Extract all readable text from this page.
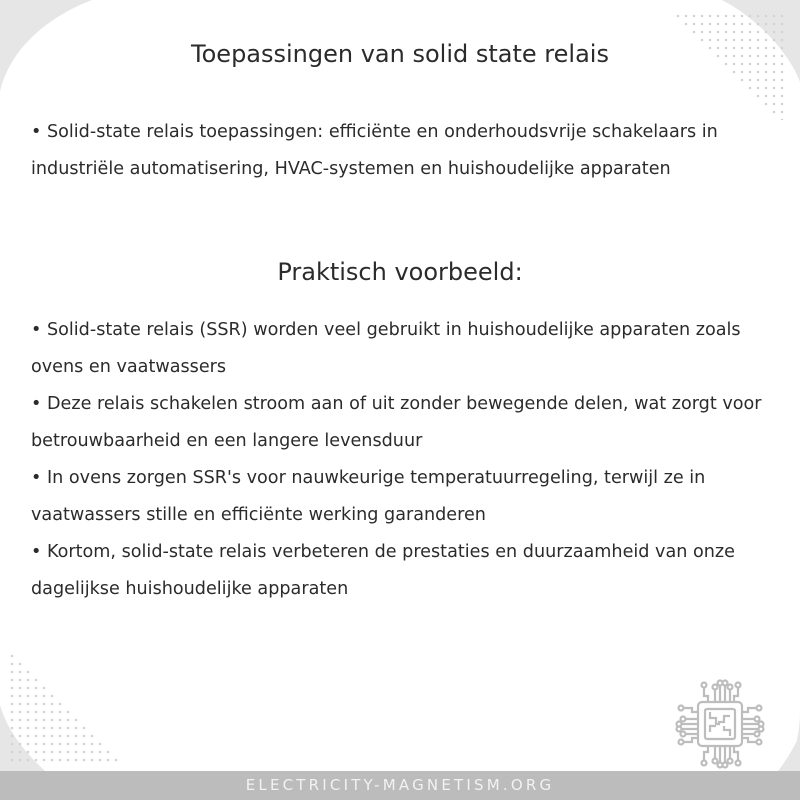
Toepassingen van solid state relais

• Solid-state relais toepassingen: efficiënte en onderhoudsvrije schakelaars in industriële automatisering, HVAC-systemen en huishoudelijke apparaten

Praktisch voorbeeld:

• Solid-state relais (SSR) worden veel gebruikt in huishoudelijke apparaten zoals ovens en vaatwassers

• Deze relais schakelen stroom aan of uit zonder bewegende delen, wat zorgt voor betrouwbaarheid en een langere levensduur

• In ovens zorgen SSR's voor nauwkeurige temperatuurregeling, terwijl ze in vaatwassers stille en efficiënte werking garanderen

• Kortom, solid-state relais verbeteren de prestaties en duurzaamheid van onze dagelijkse huishoudelijke apparaten

ELECTRICITY-MAGNETISM.ORG
